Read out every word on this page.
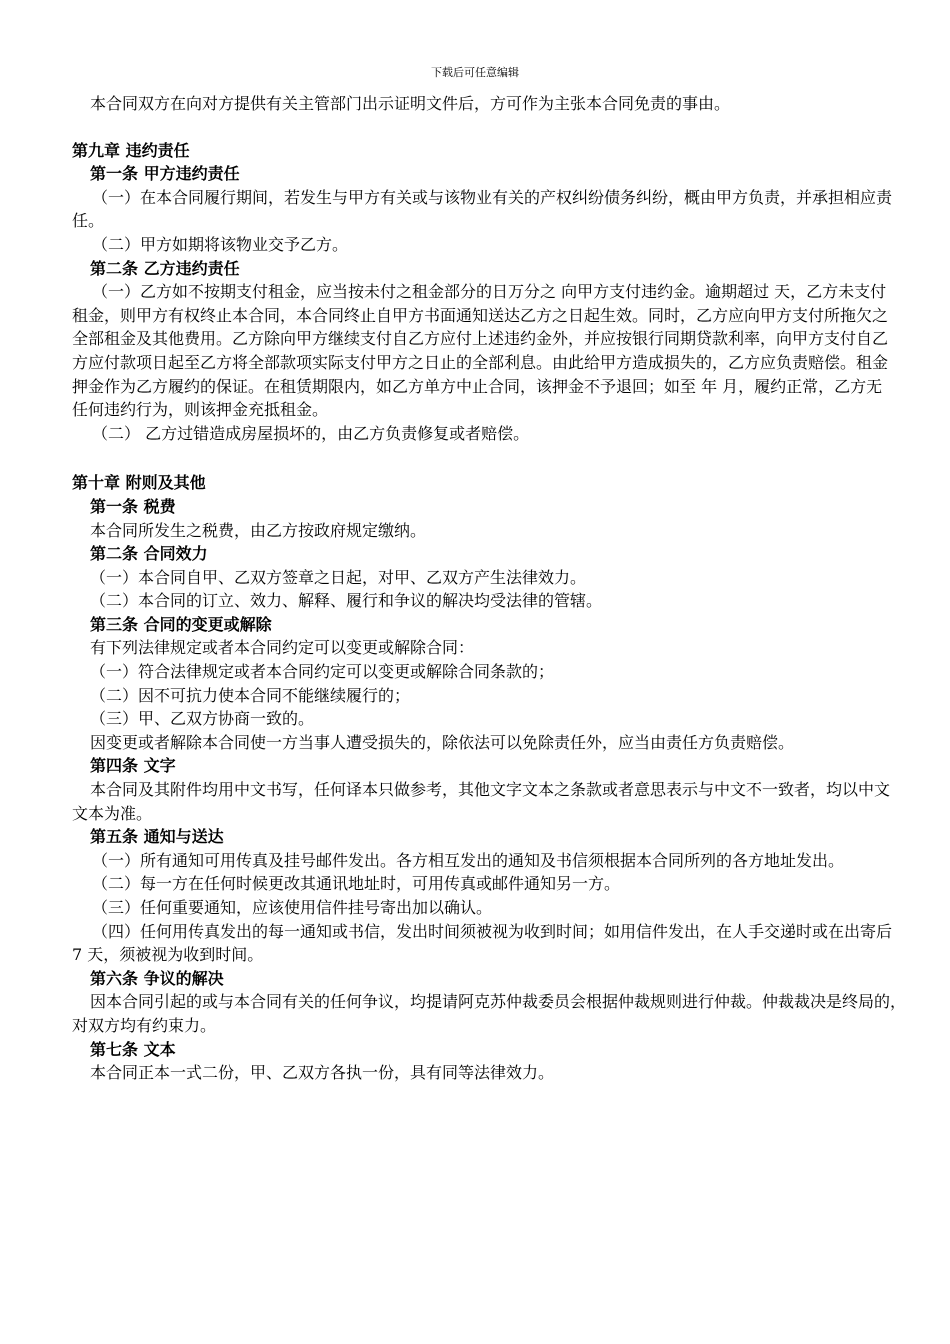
下载后可任意编辑

本合同双方在向对方提供有关主管部门出示证明文件后，方可作为主张本合同免责的事由。

第九章 违约责任

第一条 甲方违约责任

（一）在本合同履行期间，若发生与甲方有关或与该物业有关的产权纠纷债务纠纷，概由甲方负责，并承担相应责任。

（二）甲方如期将该物业交予乙方。

第二条 乙方违约责任

（一）乙方如不按期支付租金，应当按未付之租金部分的日万分之 向甲方支付违约金。逾期超过 天，乙方未支付租金，则甲方有权终止本合同，本合同终止自甲方书面通知送达乙方之日起生效。同时，乙方应向甲方支付所拖欠之全部租金及其他费用。乙方除向甲方继续支付自乙方应付上述违约金外，并应按银行同期贷款利率，向甲方支付自乙方应付款项日起至乙方将全部款项实际支付甲方之日止的全部利息。由此给甲方造成损失的，乙方应负责赔偿。租金押金作为乙方履约的保证。在租赁期限内，如乙方单方中止合同，该押金不予退回；如至 年 月，履约正常，乙方无任何违约行为，则该押金充抵租金。

（二） 乙方过错造成房屋损坏的，由乙方负责修复或者赔偿。

第十章 附则及其他

第一条 税费

本合同所发生之税费，由乙方按政府规定缴纳。

第二条 合同效力

（一）本合同自甲、乙双方签章之日起，对甲、乙双方产生法律效力。

（二）本合同的订立、效力、解释、履行和争议的解决均受法律的管辖。

第三条 合同的变更或解除

有下列法律规定或者本合同约定可以变更或解除合同：

（一）符合法律规定或者本合同约定可以变更或解除合同条款的；

（二）因不可抗力使本合同不能继续履行的；

（三）甲、乙双方协商一致的。

因变更或者解除本合同使一方当事人遭受损失的，除依法可以免除责任外，应当由责任方负责赔偿。

第四条 文字

本合同及其附件均用中文书写，任何译本只做参考，其他文字文本之条款或者意思表示与中文不一致者，均以中文文本为准。

第五条 通知与送达

（一）所有通知可用传真及挂号邮件发出。各方相互发出的通知及书信须根据本合同所列的各方地址发出。

（二）每一方在任何时候更改其通讯地址时，可用传真或邮件通知另一方。

（三）任何重要通知，应该使用信件挂号寄出加以确认。

（四）任何用传真发出的每一通知或书信，发出时间须被视为收到时间；如用信件发出，在人手交递时或在出寄后 7 天，须被视为收到时间。

第六条 争议的解决

因本合同引起的或与本合同有关的任何争议，均提请阿克苏仲裁委员会根据仲裁规则进行仲裁。仲裁裁决是终局的，对双方均有约束力。

第七条 文本

本合同正本一式二份，甲、乙双方各执一份，具有同等法律效力。
